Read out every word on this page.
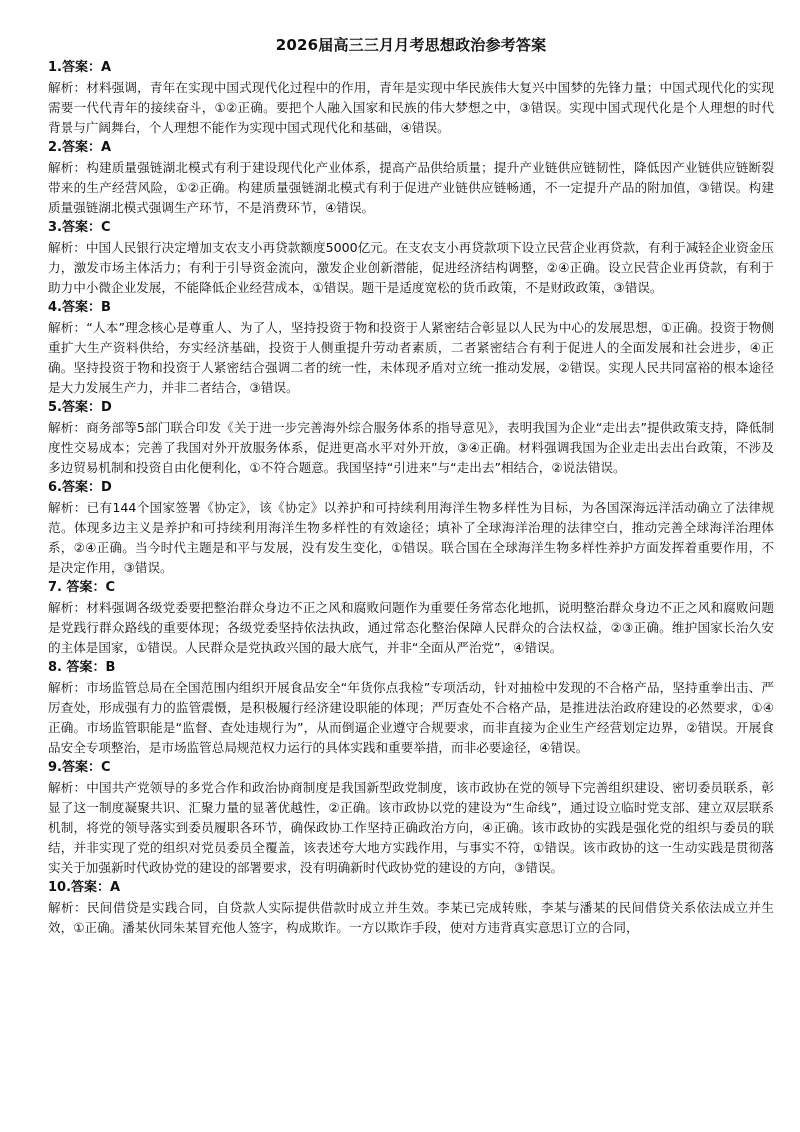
2026届高三三月月考思想政治参考答案
1.答案：A
解析：材料强调，青年在实现中国式现代化过程中的作用，青年是实现中华民族伟大复兴中国梦的先锋力量；中国式现代化的实现需要一代代青年的接续奋斗，①②正确。要把个人融入国家和民族的伟大梦想之中，③错误。实现中国式现代化是个人理想的时代背景与广阔舞台，个人理想不能作为实现中国式现代化和基础，④错误。
2.答案：A
解析：构建质量强链湖北模式有利于建设现代化产业体系，提高产品供给质量；提升产业链供应链韧性，降低因产业链供应链断裂带来的生产经营风险，①②正确。构建质量强链湖北模式有利于促进产业链供应链畅通，不一定提升产品的附加值，③错误。构建质量强链湖北模式强调生产环节，不是消费环节，④错误。
3.答案：C
解析：中国人民银行决定增加支农支小再贷款额度5000亿元。在支农支小再贷款项下设立民营企业再贷款，有利于减轻企业资金压力，激发市场主体活力；有利于引导资金流向，激发企业创新潜能，促进经济结构调整，②④正确。设立民营企业再贷款，有利于助力中小微企业发展，不能降低企业经营成本，①错误。题干是适度宽松的货币政策，不是财政政策，③错误。
4.答案：B
解析：“人本”理念核心是尊重人、为了人，坚持投资于物和投资于人紧密结合彰显以人民为中心的发展思想，①正确。投资于物侧重扩大生产资料供给，夯实经济基础，投资于人侧重提升劳动者素质，二者紧密结合有利于促进人的全面发展和社会进步，④正确。坚持投资于物和投资于人紧密结合强调二者的统一性，未体现矛盾对立统一推动发展，②错误。实现人民共同富裕的根本途径是大力发展生产力，并非二者结合，③错误。
5.答案：D
解析：商务部等5部门联合印发《关于进一步完善海外综合服务体系的指导意见》，表明我国为企业“走出去”提供政策支持，降低制度性交易成本；完善了我国对外开放服务体系，促进更高水平对外开放，③④正确。材料强调我国为企业走出去出台政策，不涉及多边贸易机制和投资自由化便利化，①不符合题意。我国坚持“引进来”与“走出去”相结合，②说法错误。
6.答案：D
解析：已有144个国家签署《协定》，该《协定》以养护和可持续利用海洋生物多样性为目标，为各国深海远洋活动确立了法律规范。体现多边主义是养护和可持续利用海洋生物多样性的有效途径；填补了全球海洋治理的法律空白，推动完善全球海洋治理体系，②④正确。当今时代主题是和平与发展，没有发生变化，①错误。联合国在全球海洋生物多样性养护方面发挥着重要作用，不是决定作用，③错误。
7. 答案：C
解析：材料强调各级党委要把整治群众身边不正之风和腐败问题作为重要任务常态化地抓，说明整治群众身边不正之风和腐败问题是党践行群众路线的重要体现；各级党委坚持依法执政，通过常态化整治保障人民群众的合法权益，②③正确。维护国家长治久安的主体是国家，①错误。人民群众是党执政兴国的最大底气，并非“全面从严治党”，④错误。
8. 答案：B
解析：市场监管总局在全国范围内组织开展食品安全“年货你点我检”专项活动，针对抽检中发现的不合格产品，坚持重拳出击、严厉查处，形成强有力的监管震慑，是积极履行经济建设职能的体现；严厉查处不合格产品，是推进法治政府建设的必然要求，①④正确。市场监管职能是“监督、查处违规行为”，从而倒逼企业遵守合规要求，而非直接为企业生产经营划定边界，②错误。开展食品安全专项整治，是市场监管总局规范权力运行的具体实践和重要举措，而非必要途径，④错误。
9.答案：C
解析：中国共产党领导的多党合作和政治协商制度是我国新型政党制度，该市政协在党的领导下完善组织建设、密切委员联系，彰显了这一制度凝聚共识、汇聚力量的显著优越性，②正确。该市政协以党的建设为“生命线”，通过设立临时党支部、建立双层联系机制，将党的领导落实到委员履职各环节，确保政协工作坚持正确政治方向，④正确。该市政协的实践是强化党的组织与委员的联结，并非实现了党的组织对党员委员全覆盖，该表述夸大地方实践作用，与事实不符，①错误。该市政协的这一生动实践是贯彻落实关于加强新时代政协党的建设的部署要求，没有明确新时代政协党的建设的方向，③错误。
10.答案：A
解析：民间借贷是实践合同，自贷款人实际提供借款时成立并生效。李某已完成转账，李某与潘某的民间借贷关系依法成立并生效，①正确。潘某伙同朱某冒充他人签字，构成欺诈。一方以欺诈手段，使对方违背真实意思订立的合同，
